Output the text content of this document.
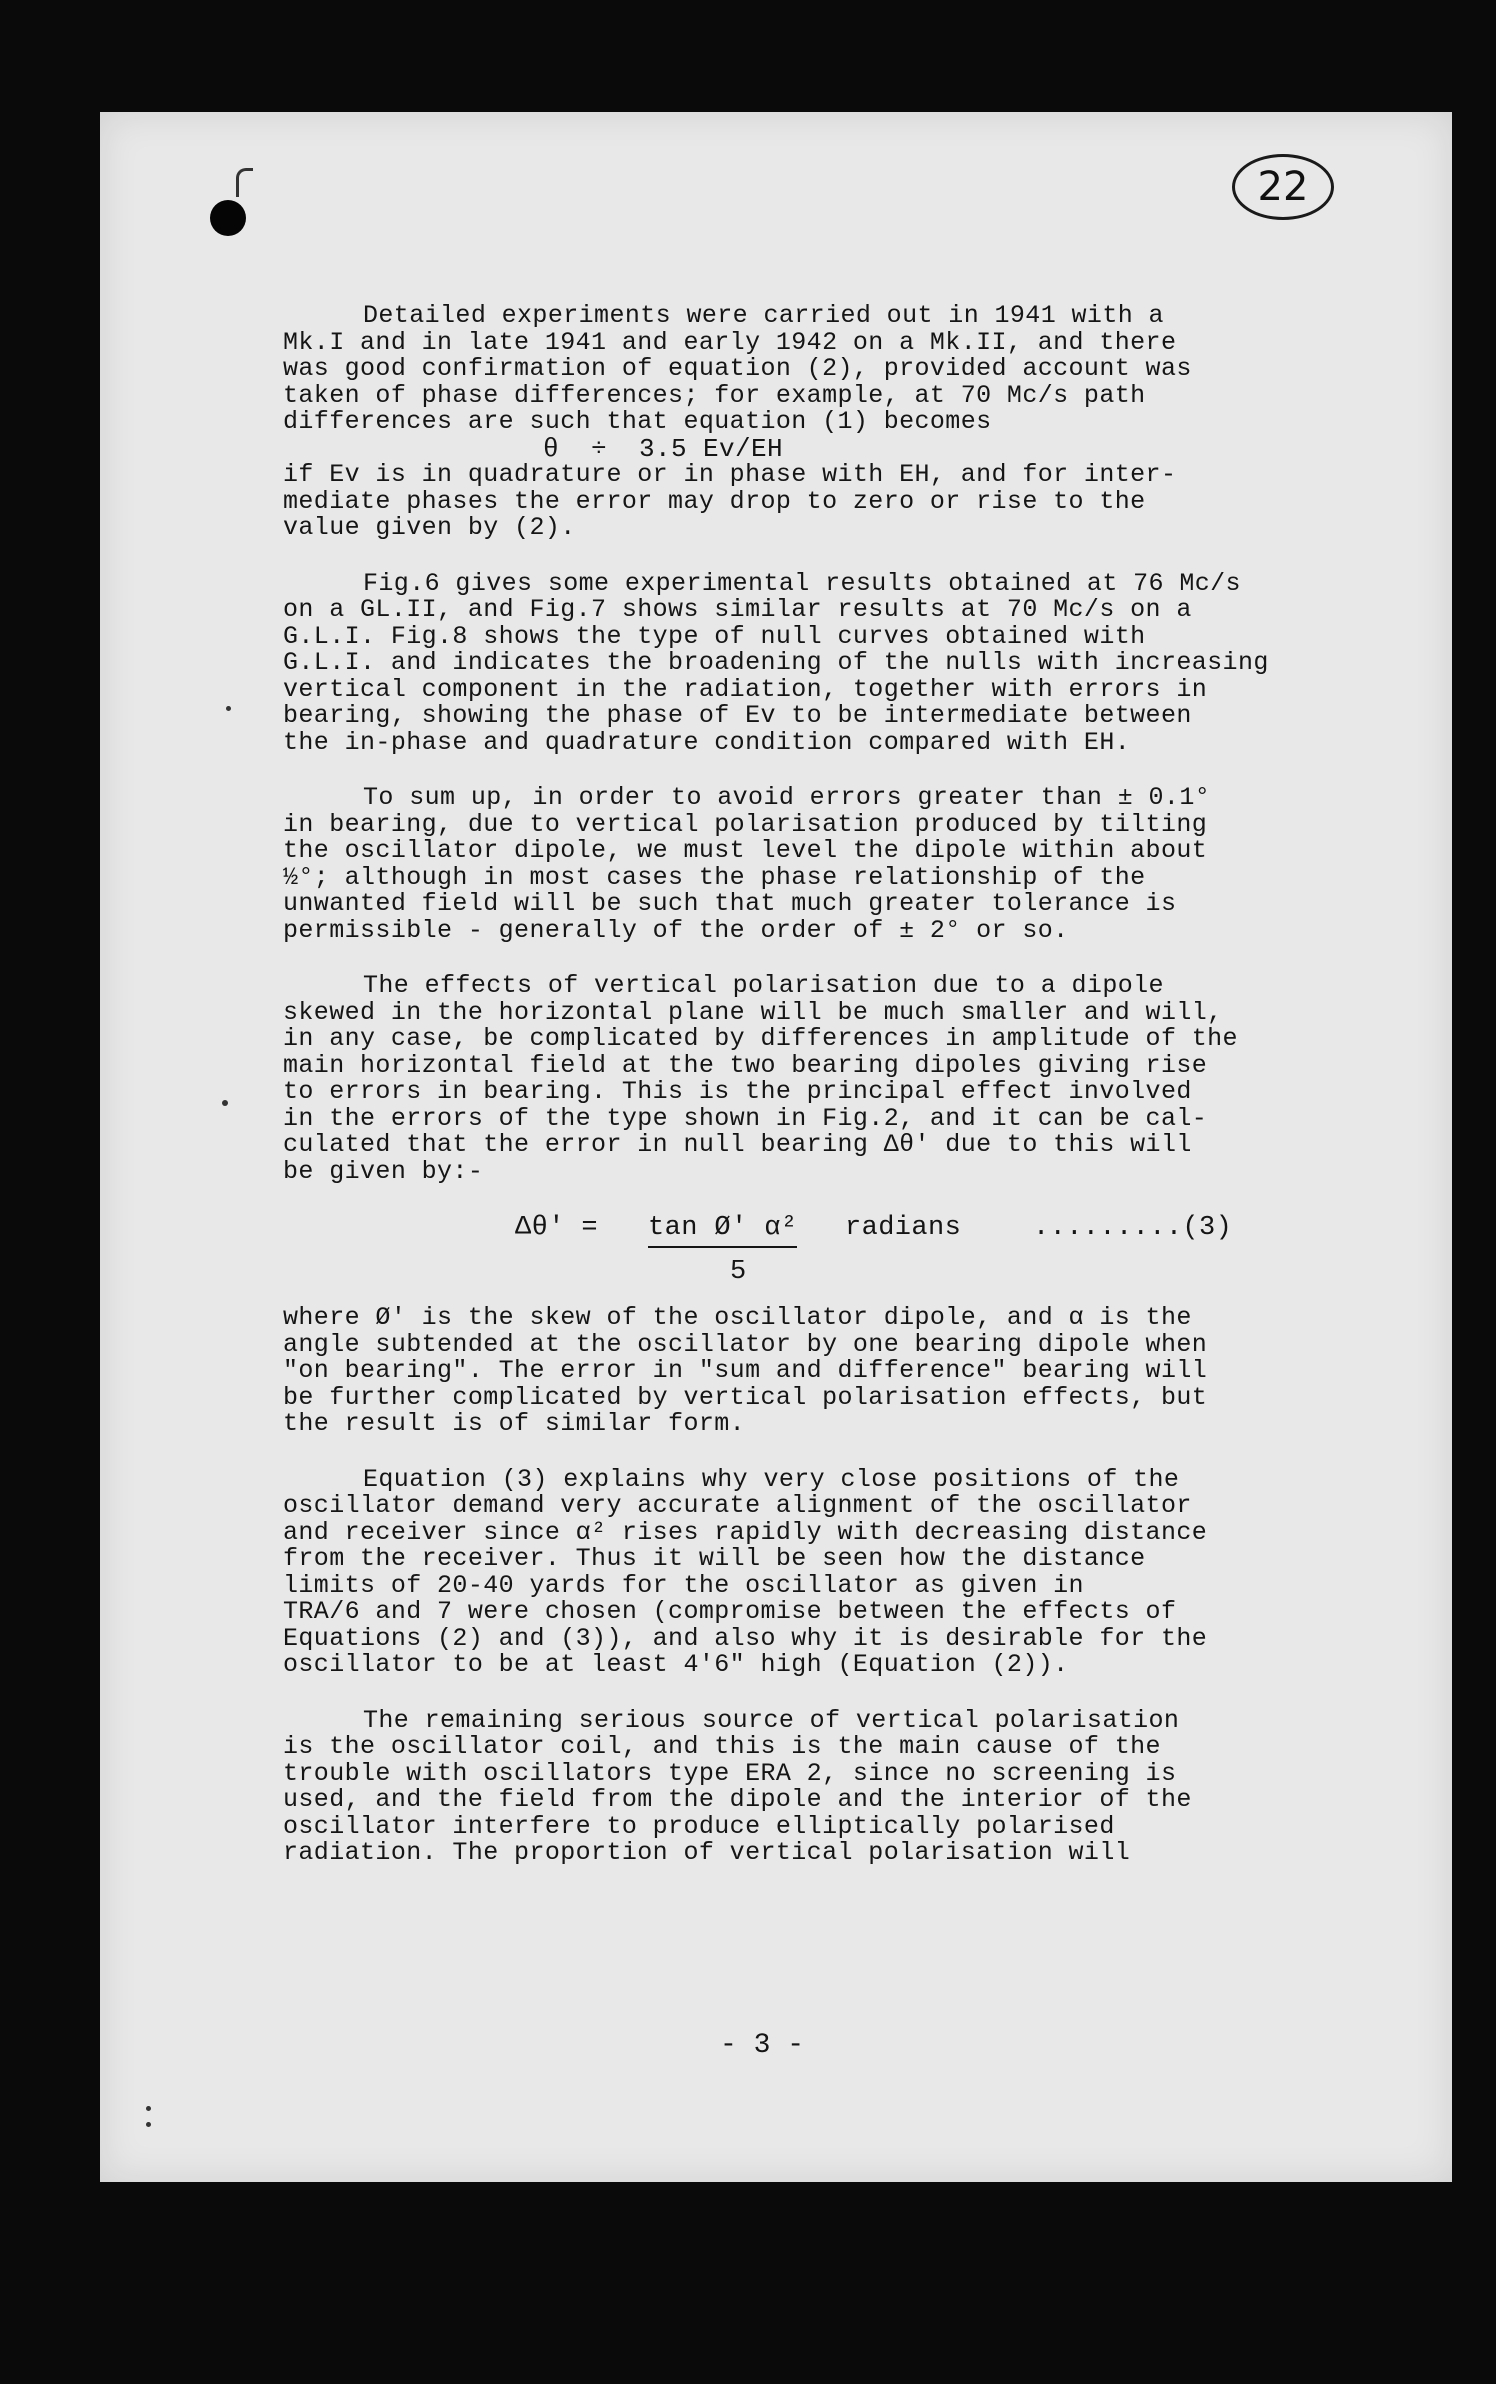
22
Detailed experiments were carried out in 1941 with a
Mk.I and in late 1941 and early 1942 on a Mk.II, and there
was good confirmation of equation (2), provided account was
taken of phase differences; for example, at 70 Mc/s path
differences are such that equation (1) becomes
θ  ÷  3.5 Ev/EH
if Ev is in quadrature or in phase with EH, and for inter-
mediate phases the error may drop to zero or rise to the
value given by (2).
Fig.6 gives some experimental results obtained at 76 Mc/s
on a GL.II, and Fig.7 shows similar results at 70 Mc/s on a
G.L.I. Fig.8 shows the type of null curves obtained with
G.L.I. and indicates the broadening of the nulls with increasing
vertical component in the radiation, together with errors in
bearing, showing the phase of Ev to be intermediate between
the in-phase and quadrature condition compared with EH.
To sum up, in order to avoid errors greater than ± 0.1°
in bearing, due to vertical polarisation produced by tilting
the oscillator dipole, we must level the dipole within about
½°; although in most cases the phase relationship of the
unwanted field will be such that much greater tolerance is
permissible - generally of the order of ± 2° or so.
The effects of vertical polarisation due to a dipole
skewed in the horizontal plane will be much smaller and will,
in any case, be complicated by differences in amplitude of the
main horizontal field at the two bearing dipoles giving rise
to errors in bearing. This is the principal effect involved
in the errors of the type shown in Fig.2, and it can be cal-
culated that the error in null bearing Δθ' due to this will
be given by:-
Δθ' = tan Ø' α²
5
radians	.........(3)
where Ø' is the skew of the oscillator dipole, and α is the
angle subtended at the oscillator by one bearing dipole when
"on bearing". The error in "sum and difference" bearing will
be further complicated by vertical polarisation effects, but
the result is of similar form.
Equation (3) explains why very close positions of the
oscillator demand very accurate alignment of the oscillator
and receiver since α² rises rapidly with decreasing distance
from the receiver. Thus it will be seen how the distance
limits of 20-40 yards for the oscillator as given in
TRA/6 and 7 were chosen (compromise between the effects of
Equations (2) and (3)), and also why it is desirable for the
oscillator to be at least 4'6" high (Equation (2)).
The remaining serious source of vertical polarisation
is the oscillator coil, and this is the main cause of the
trouble with oscillators type ERA 2, since no screening is
used, and the field from the dipole and the interior of the
oscillator interfere to produce elliptically polarised
radiation. The proportion of vertical polarisation will
- 3 -
